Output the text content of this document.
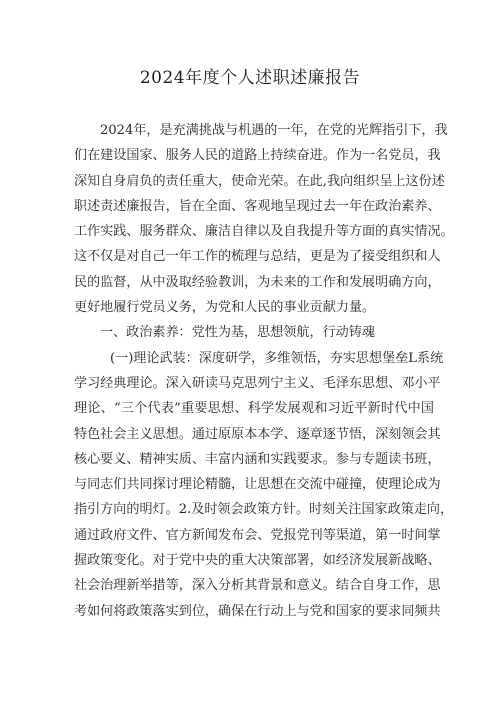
2024年度个人述职述廉报告
2024年，是充满挑战与机遇的一年，在党的光辉指引下，我
们在建设国家、服务人民的道路上持续奋进。作为一名党员，我
深知自身肩负的责任重大，使命光荣。在此,我向组织呈上这份述
职述责述廉报告，旨在全面、客观地呈现过去一年在政治素养、
工作实践、服务群众、廉洁自律以及自我提升等方面的真实情况。
这不仅是对自己一年工作的梳理与总结，更是为了接受组织和人
民的监督，从中汲取经验教训，为未来的工作和发展明确方向，
更好地履行党员义务，为党和人民的事业贡献力量。
一、政治素养：党性为基，思想领航，行动铸魂
(一)理论武装：深度研学，多维领悟，夯实思想堡垒L系统
学习经典理论。深入研读马克思列宁主义、毛泽东思想、邓小平
理论、“三个代表”重要思想、科学发展观和习近平新时代中国
特色社会主义思想。通过原原本本学、逐章逐节悟，深刻领会其
核心要义、精神实质、丰富内涵和实践要求。参与专题读书班，
与同志们共同探讨理论精髓，让思想在交流中碰撞，使理论成为
指引方向的明灯。2.及时领会政策方针。时刻关注国家政策走向，
通过政府文件、官方新闻发布会、党报党刊等渠道，第一时间掌
握政策变化。对于党中央的重大决策部署，如经济发展新战略、
社会治理新举措等，深入分析其背景和意义。结合自身工作，思
考如何将政策落实到位，确保在行动上与党和国家的要求同频共
